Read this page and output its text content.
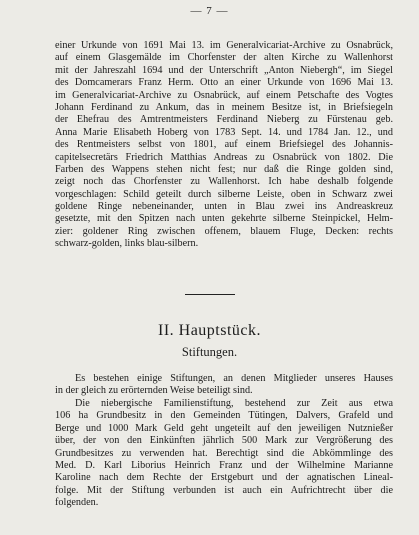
— 7 —
einer Urkunde von 1691 Mai 13. im Generalvicariat-Archive zu Osnabrück,
auf einem Glasgemälde im Chorfenster der alten Kirche zu Wallenhorst
mit der Jahreszahl 1694 und der Unterschrift „Anton Niebergh“, im Siegel
des Domcamerars Franz Herm. Otto an einer Urkunde von 1696 Mai 13.
im Generalvicariat-Archive zu Osnabrück, auf einem Petschafte des Vogtes
Johann Ferdinand zu Ankum, das in meinem Besitze ist, in Briefsiegeln
der Ehefrau des Amtrentmeisters Ferdinand Nieberg zu Fürstenau geb.
Anna Marie Elisabeth Hoberg von 1783 Sept. 14. und 1784 Jan. 12., und
des Rentmeisters selbst von 1801, auf einem Briefsiegel des Johannis-
capitelsecretärs Friedrich Matthias Andreas zu Osnabrück von 1802. Die
Farben des Wappens stehen nicht fest; nur daß die Ringe golden sind,
zeigt noch das Chorfenster zu Wallenhorst. Ich habe deshalb folgende
vorgeschlagen: Schild geteilt durch silberne Leiste, oben in Schwarz zwei
goldene Ringe nebeneinander, unten in Blau zwei ins Andreaskreuz
gesetzte, mit den Spitzen nach unten gekehrte silberne Steinpickel, Helm-
zier: goldener Ring zwischen offenem, blauem Fluge, Decken: rechts
schwarz-golden, links blau-silbern.
II. Hauptstück.
Stiftungen.
Es bestehen einige Stiftungen, an denen Mitglieder unseres Hauses
in der gleich zu erörternden Weise beteiligt sind.
Die niebergische Familienstiftung, bestehend zur Zeit aus etwa
106 ha Grundbesitz in den Gemeinden Tütingen, Dalvers, Grafeld und
Berge und 1000 Mark Geld geht ungeteilt auf den jeweiligen Nutznießer
über, der von den Einkünften jährlich 500 Mark zur Vergrößerung des
Grundbesitzes zu verwenden hat. Berechtigt sind die Abkömmlinge des
Med. D. Karl Liborius Heinrich Franz und der Wilhelmine Marianne
Karoline nach dem Rechte der Erstgeburt und der agnatischen Lineal-
folge. Mit der Stiftung verbunden ist auch ein Aufrichtrecht über die
folgenden.
